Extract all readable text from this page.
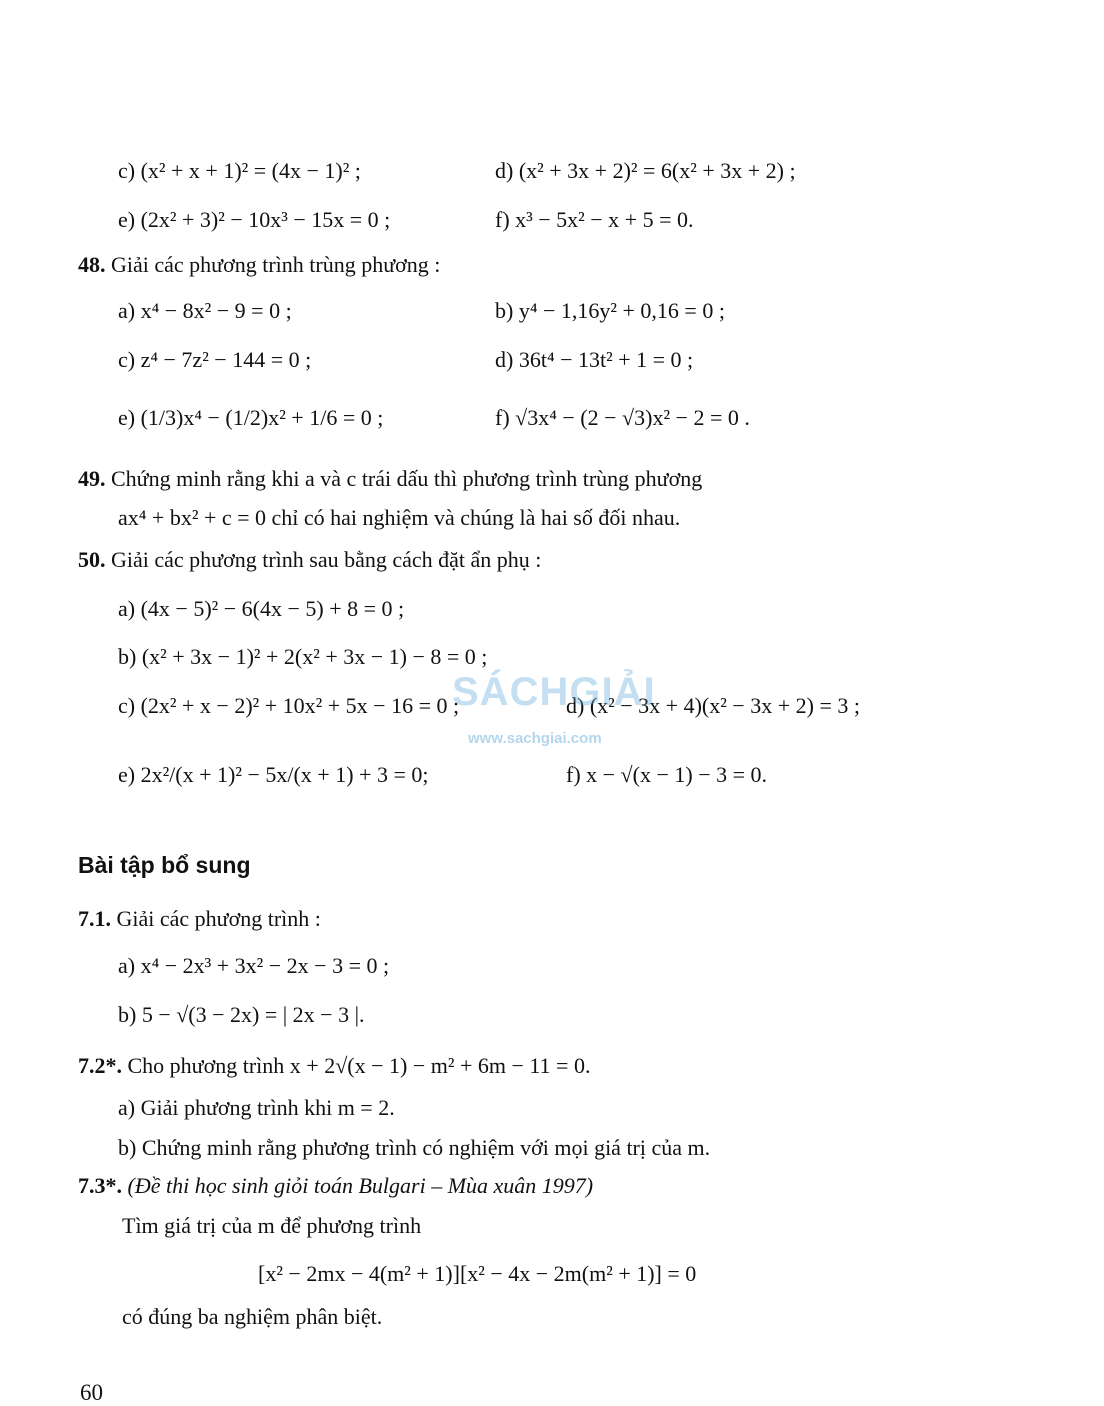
c) (x² + x + 1)² = (4x − 1)² ;	d) (x² + 3x + 2)² = 6(x² + 3x + 2) ;
e) (2x² + 3)² − 10x³ − 15x = 0 ;	f) x³ − 5x² − x + 5 = 0.
48. Giải các phương trình trùng phương :
a) x⁴ − 8x² − 9 = 0 ;	b) y⁴ − 1,16y² + 0,16 = 0 ;
c) z⁴ − 7z² − 144 = 0 ;	d) 36t⁴ − 13t² + 1 = 0 ;
e) (1/3)x⁴ − (1/2)x² + 1/6 = 0 ;	f) √3x⁴ − (2 − √3)x² − 2 = 0 .
49. Chứng minh rằng khi a và c trái dấu thì phương trình trùng phương
ax⁴ + bx² + c = 0 chỉ có hai nghiệm và chúng là hai số đối nhau.
50. Giải các phương trình sau bằng cách đặt ẩn phụ :
a) (4x − 5)² − 6(4x − 5) + 8 = 0 ;
b) (x² + 3x − 1)² + 2(x² + 3x − 1) − 8 = 0 ;
c) (2x² + x − 2)² + 10x² + 5x − 16 = 0 ;	d) (x² − 3x + 4)(x² − 3x + 2) = 3 ;
e) 2x²/(x + 1)² − 5x/(x + 1) + 3 = 0;	f) x − √(x − 1) − 3 = 0.
SÁCHGIẢI
www.sachgiai.com
Bài tập bổ sung
7.1. Giải các phương trình :
a) x⁴ − 2x³ + 3x² − 2x − 3 = 0 ;
b) 5 − √(3 − 2x) = | 2x − 3 |.
7.2*. Cho phương trình x + 2√(x − 1) − m² + 6m − 11 = 0.
a) Giải phương trình khi m = 2.
b) Chứng minh rằng phương trình có nghiệm với mọi giá trị của m.
7.3*. (Đề thi học sinh giỏi toán Bulgari – Mùa xuân 1997)
Tìm giá trị của m để phương trình
[x² − 2mx − 4(m² + 1)][x² − 4x − 2m(m² + 1)] = 0
có đúng ba nghiệm phân biệt.
60
